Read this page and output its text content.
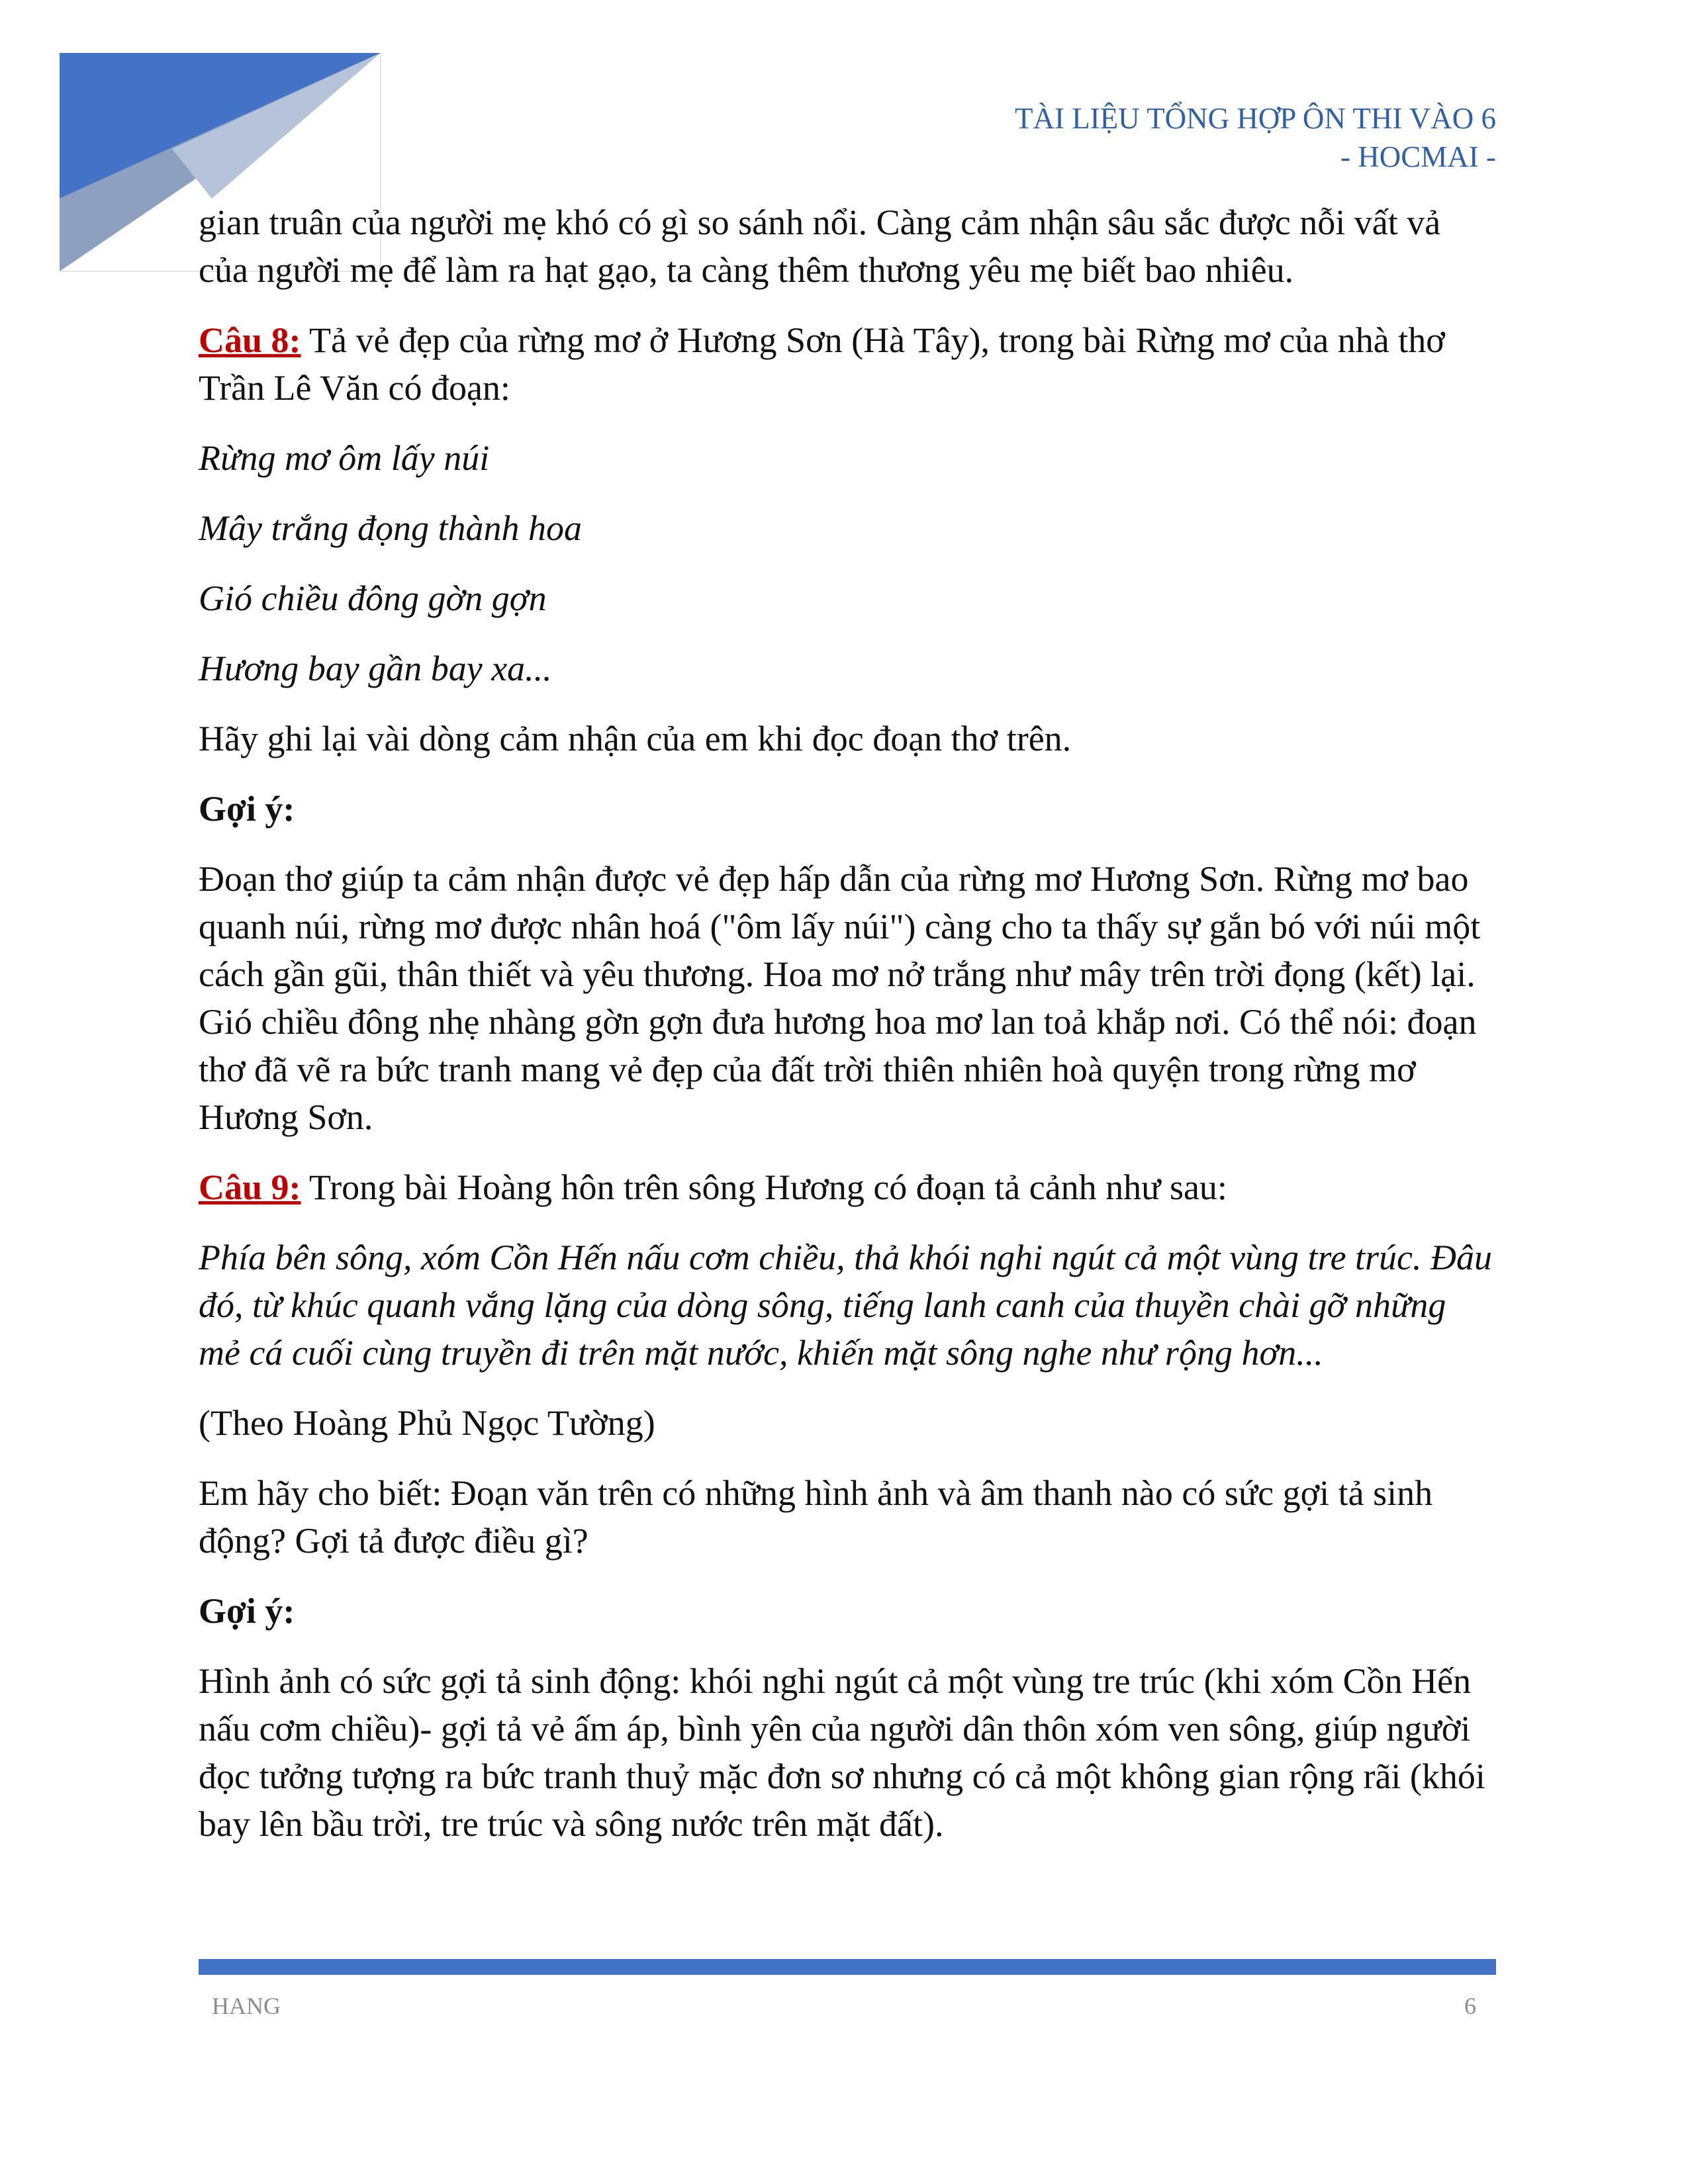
TÀI LIỆU TỔNG HỢP ÔN THI VÀO 6
- HOCMAI -

gian truân của người mẹ khó có gì so sánh nổi. Càng cảm nhận sâu sắc được nỗi vất vả của người mẹ để làm ra hạt gạo, ta càng thêm thương yêu mẹ biết bao nhiêu.

Câu 8: Tả vẻ đẹp của rừng mơ ở Hương Sơn (Hà Tây), trong bài Rừng mơ của nhà thơ Trần Lê Văn có đoạn:

Rừng mơ ôm lấy núi

Mây trắng đọng thành hoa

Gió chiều đông gờn gợn

Hương bay gần bay xa...

Hãy ghi lại vài dòng cảm nhận của em khi đọc đoạn thơ trên.

Gợi ý:

Đoạn thơ giúp ta cảm nhận được vẻ đẹp hấp dẫn của rừng mơ Hương Sơn. Rừng mơ bao quanh núi, rừng mơ được nhân hoá ("ôm lấy núi") càng cho ta thấy sự gắn bó với núi một cách gần gũi, thân thiết và yêu thương. Hoa mơ nở trắng như mây trên trời đọng (kết) lại. Gió chiều đông nhẹ nhàng gờn gợn đưa hương hoa mơ lan toả khắp nơi. Có thể nói: đoạn thơ đã vẽ ra bức tranh mang vẻ đẹp của đất trời thiên nhiên hoà quyện trong rừng mơ Hương Sơn.

Câu 9: Trong bài Hoàng hôn trên sông Hương có đoạn tả cảnh như sau:

Phía bên sông, xóm Cồn Hến nấu cơm chiều, thả khói nghi ngút cả một vùng tre trúc. Đâu đó, từ khúc quanh vắng lặng của dòng sông, tiếng lanh canh của thuyền chài gỡ những mẻ cá cuối cùng truyền đi trên mặt nước, khiến mặt sông nghe như rộng hơn...

(Theo Hoàng Phủ Ngọc Tường)

Em hãy cho biết: Đoạn văn trên có những hình ảnh và âm thanh nào có sức gợi tả sinh động? Gợi tả được điều gì?

Gợi ý:

Hình ảnh có sức gợi tả sinh động: khói nghi ngút cả một vùng tre trúc (khi xóm Cồn Hến nấu cơm chiều)- gợi tả vẻ ấm áp, bình yên của người dân thôn xóm ven sông, giúp người đọc tưởng tượng ra bức tranh thuỷ mặc đơn sơ nhưng có cả một không gian rộng rãi (khói bay lên bầu trời, tre trúc và sông nước trên mặt đất).

HANG	6
